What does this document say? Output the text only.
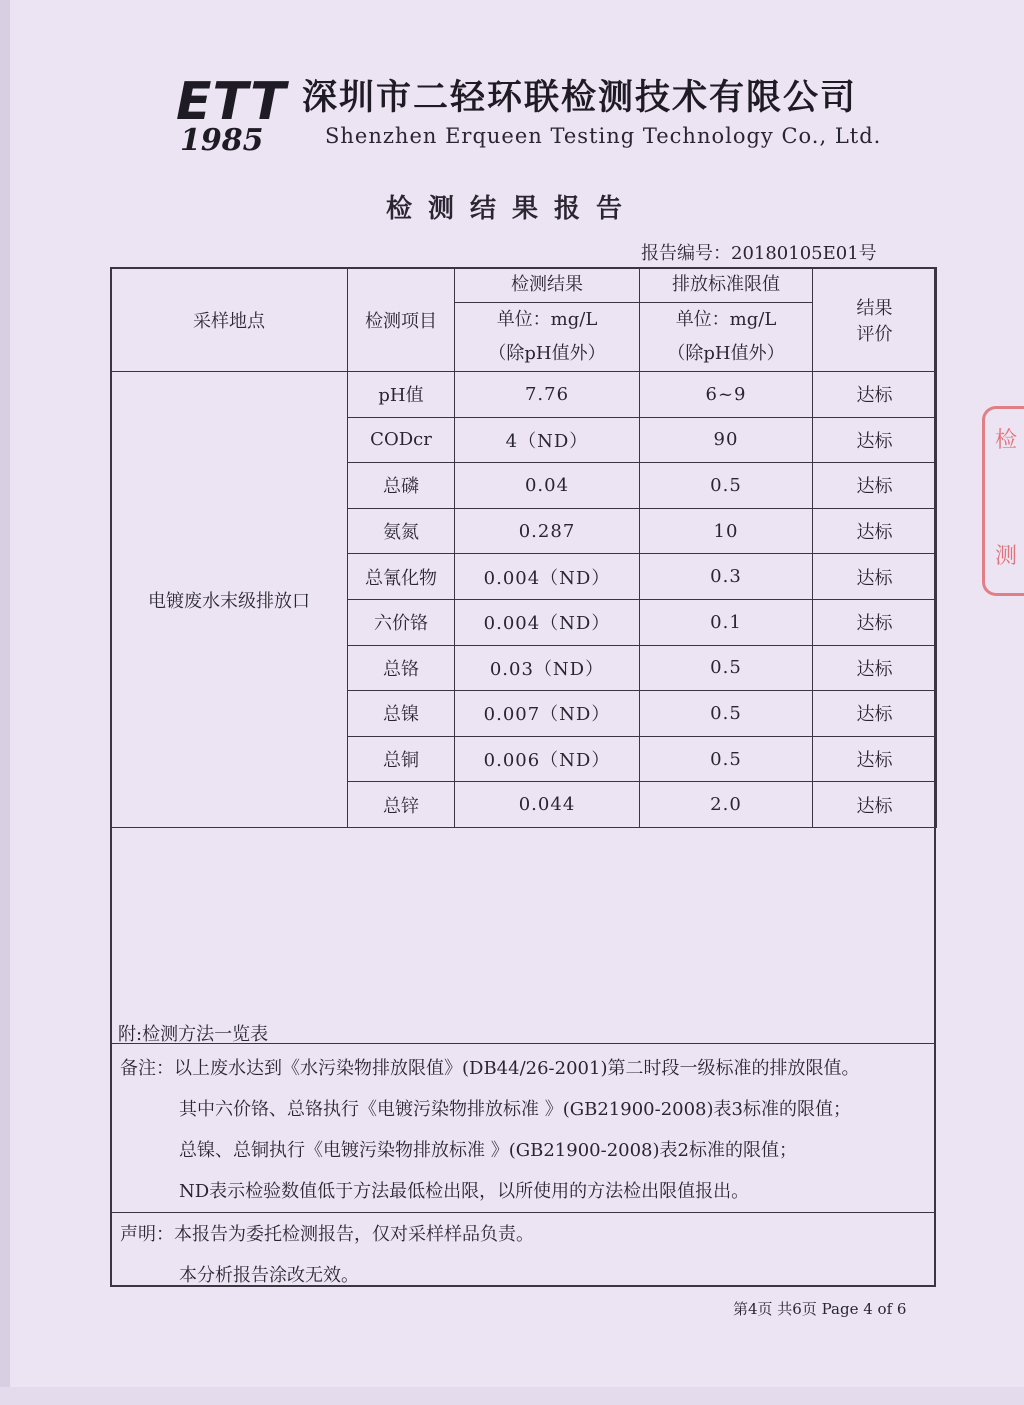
ETT
1985
深圳市二轻环联检测技术有限公司
Shenzhen Erqueen Testing Technology Co., Ltd.
检测结果报告
报告编号：20180105E01号
采样地点	检测项目	检测结果	排放标准限值	结果
评价

		单位：mg/L	单位：mg/L	
		（除pH值外）	（除pH值外）	
电镀废水末级排放口	pH值	7.76	6~9	达标
	CODcr	4（ND）	90	达标
	总磷	0.04	0.5	达标
	氨氮	0.287	10	达标
	总氰化物	0.004（ND）	0.3	达标
	六价铬	0.004（ND）	0.1	达标
	总铬	0.03（ND）	0.5	达标
	总镍	0.007（ND）	0.5	达标
	总铜	0.006（ND）	0.5	达标
	总锌	0.044	2.0	达标
检
测
附:检测方法一览表
备注：以上废水达到《水污染物排放限值》(DB44/26-2001)第二时段一级标准的排放限值。
其中六价铬、总铬执行《电镀污染物排放标准 》(GB21900-2008)表3标准的限值；
总镍、总铜执行《电镀污染物排放标准 》(GB21900-2008)表2标准的限值；
ND表示检验数值低于方法最低检出限，以所使用的方法检出限值报出。
声明：本报告为委托检测报告，仅对采样样品负责。
本分析报告涂改无效。
第4页 共6页 Page 4 of 6
